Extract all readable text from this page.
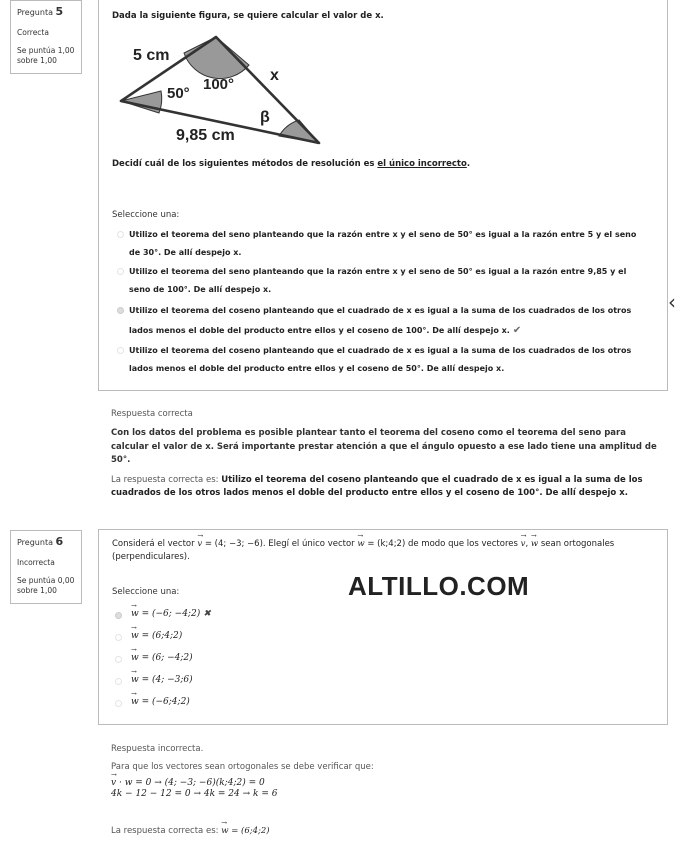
Pregunta 5
Correcta
Se puntúa 1,00 sobre 1,00
Dada la siguiente figura, se quiere calcular el valor de x.
5 cm
x
50°
100°
β
9,85 cm
Decidí cuál de los siguientes métodos de resolución es el único incorrecto.
Seleccione una:
Utilizo el teorema del seno planteando que la razón entre x y el seno de 50° es igual a la razón entre 5 y el seno de 30°. De allí despejo x.
Utilizo el teorema del seno planteando que la razón entre x y el seno de 50° es igual a la razón entre 9,85 y el seno de 100°. De allí despejo x.
Utilizo el teorema del coseno planteando que el cuadrado de x es igual a la suma de los cuadrados de los otros lados menos el doble del producto entre ellos y el coseno de 100°. De allí despejo x. ✔
Utilizo el teorema del coseno planteando que el cuadrado de x es igual a la suma de los cuadrados de los otros lados menos el doble del producto entre ellos y el coseno de 50°. De allí despejo x.
‹
Respuesta correcta
Con los datos del problema es posible plantear tanto el teorema del coseno como el teorema del seno para calcular el valor de x. Será importante prestar atención a que el ángulo opuesto a ese lado tiene una amplitud de 50°.
La respuesta correcta es: Utilizo el teorema del coseno planteando que el cuadrado de x es igual a la suma de los cuadrados de los otros lados menos el doble del producto entre ellos y el coseno de 100°. De allí despejo x.
Pregunta 6
Incorrecta
Se puntúa 0,00 sobre 1,00
Considerá el vector → v = (4; −3; −6). Elegí el único vector → w = (k;4;2) de modo que los vectores → v, → w sean ortogonales (perpendiculares).
Seleccione una:
→ w = (−6; −4;2) ✖
→ w = (6;4;2)
→ w = (6; −4;2)
→ w = (4; −3;6)
→ w = (−6;4;2)
ALTILLO.COM
Respuesta incorrecta.
Para que los vectores sean ortogonales se debe verificar que:
→ v · w = 0 → (4; −3; −6)(k;4;2) = 0
4k − 12 − 12 = 0 → 4k = 24 → k = 6
La respuesta correcta es: → w = (6;4;2)
